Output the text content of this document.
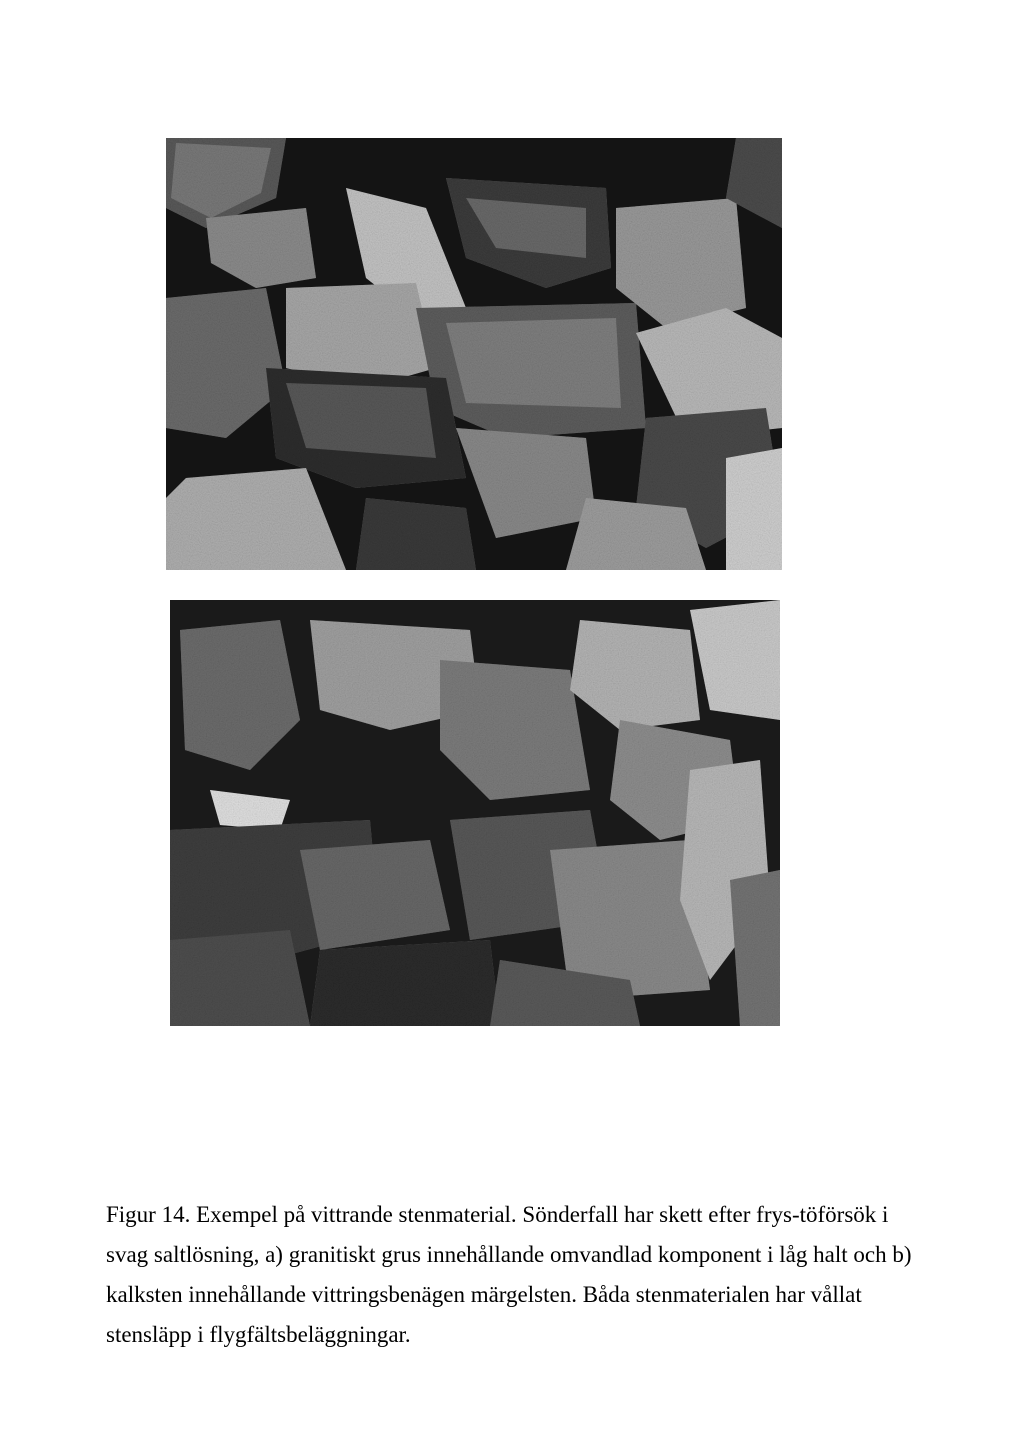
Figur 14. Exempel på vittrande stenmaterial. Sönderfall har skett efter frys-töförsök i svag saltlösning, a) granitiskt grus innehållande omvandlad komponent i låg halt och b) kalksten innehållande vittringsbenägen märgelsten. Båda stenmaterialen har vållat stensläpp i flygfältsbeläggningar.
